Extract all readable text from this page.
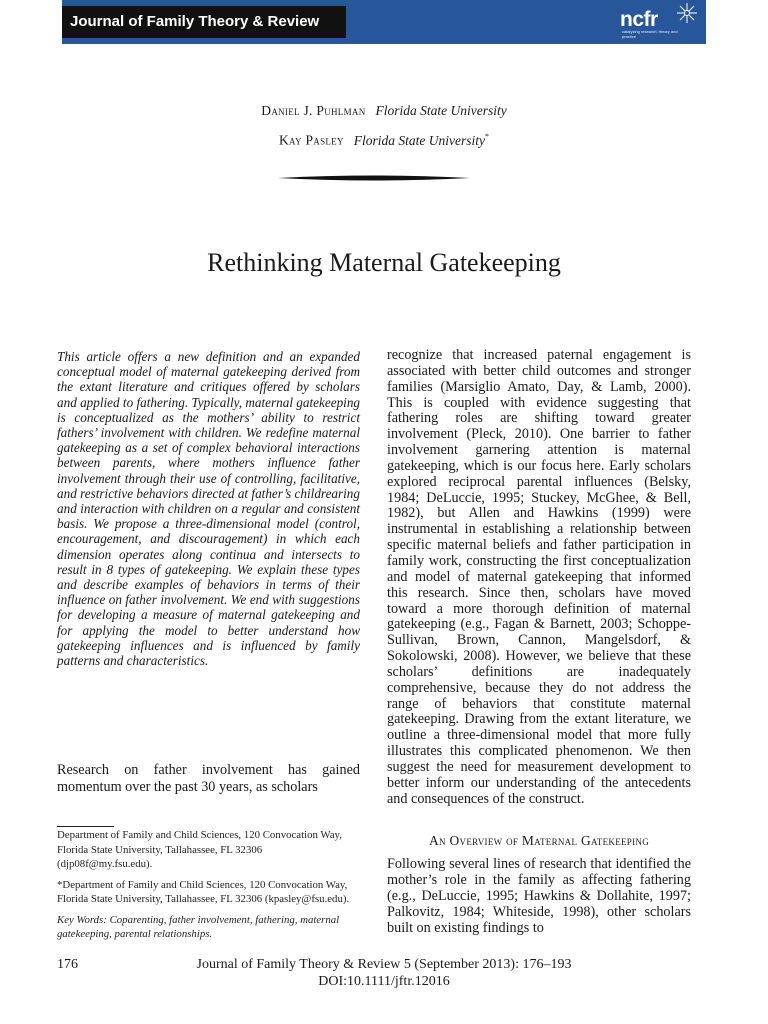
Journal of Family Theory & Review	ncfr
catalyzing research, theory and practice
Daniel J. Puhlman Florida State University
Kay Pasley Florida State University*
Rethinking Maternal Gatekeeping
This article offers a new definition and an expanded conceptual model of maternal gatekeeping derived from the extant literature and critiques offered by scholars and applied to fathering. Typically, maternal gatekeeping is conceptualized as the mothers’ ability to restrict fathers’ involvement with children. We redefine maternal gatekeeping as a set of complex behavioral interactions between parents, where mothers influence father involvement through their use of controlling, facilitative, and restrictive behaviors directed at father’s childrearing and interaction with children on a regular and consistent basis. We propose a three-dimensional model (control, encouragement, and discouragement) in which each dimension operates along continua and intersects to result in 8 types of gatekeeping. We explain these types and describe examples of behaviors in terms of their influence on father involvement. We end with suggestions for developing a measure of maternal gatekeeping and for applying the model to better understand how gatekeeping influences and is influenced by family patterns and characteristics.
Research on father involvement has gained momentum over the past 30 years, as scholars

Department of Family and Child Sciences, 120 Convocation Way, Florida State University, Tallahassee, FL 32306 (djp08f@my.fsu.edu).

*Department of Family and Child Sciences, 120 Convocation Way, Florida State University, Tallahassee, FL 32306 (kpasley@fsu.edu).

Key Words: Coparenting, father involvement, fathering, maternal gatekeeping, parental relationships.

recognize that increased paternal engagement is associated with better child outcomes and stronger families (Marsiglio Amato, Day, & Lamb, 2000). This is coupled with evidence suggesting that fathering roles are shifting toward greater involvement (Pleck, 2010). One barrier to father involvement garnering attention is maternal gatekeeping, which is our focus here. Early scholars explored reciprocal parental influences (Belsky, 1984; DeLuccie, 1995; Stuckey, McGhee, & Bell, 1982), but Allen and Hawkins (1999) were instrumental in establishing a relationship between specific maternal beliefs and father participation in family work, constructing the first conceptualization and model of maternal gatekeeping that informed this research. Since then, scholars have moved toward a more thorough definition of maternal gatekeeping (e.g., Fagan & Barnett, 2003; Schoppe-Sullivan, Brown, Cannon, Mangelsdorf, & Sokolowski, 2008). However, we believe that these scholars’ definitions are inadequately comprehensive, because they do not address the range of behaviors that constitute maternal gatekeeping. Drawing from the extant literature, we outline a three-dimensional model that more fully illustrates this complicated phenomenon. We then suggest the need for measurement development to better inform our understanding of the antecedents and consequences of the construct.

An Overview of Maternal Gatekeeping

Following several lines of research that identified the mother’s role in the family as affecting fathering (e.g., DeLuccie, 1995; Hawkins & Dollahite, 1997; Palkovitz, 1984; Whiteside, 1998), other scholars built on existing findings to

176	Journal of Family Theory & Review 5 (September 2013): 176–193
DOI:10.1111/jftr.12016
